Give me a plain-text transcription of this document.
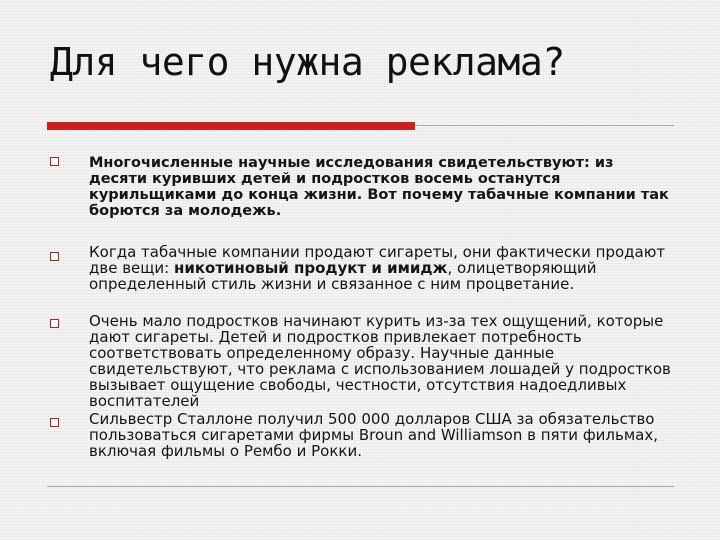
Для чего нужна реклама?
Многочисленные научные исследования свидетельствуют: из десяти куривших детей и подростков восемь останутся курильщиками до конца жизни. Вот почему табачные компании так борются за молодежь.
Когда табачные компании продают сигареты, они фактически продают две вещи: никотиновый продукт и имидж, олицетворяющий определенный стиль жизни и связанное с ним процветание.
Очень мало подростков начинают курить из-за тех ощущений, которые дают сигареты. Детей и подростков привлекает потребность соответствовать определенному образу. Научные данные свидетельствуют, что реклама с использованием лошадей у подростков вызывает ощущение свободы, честности, отсутствия надоедливых воспитателей
Сильвестр Сталлоне получил 500 000 долларов США за обязательство пользоваться сигаретами фирмы Broun and Williamson в пяти фильмах, включая фильмы о Рембо и Рокки.
